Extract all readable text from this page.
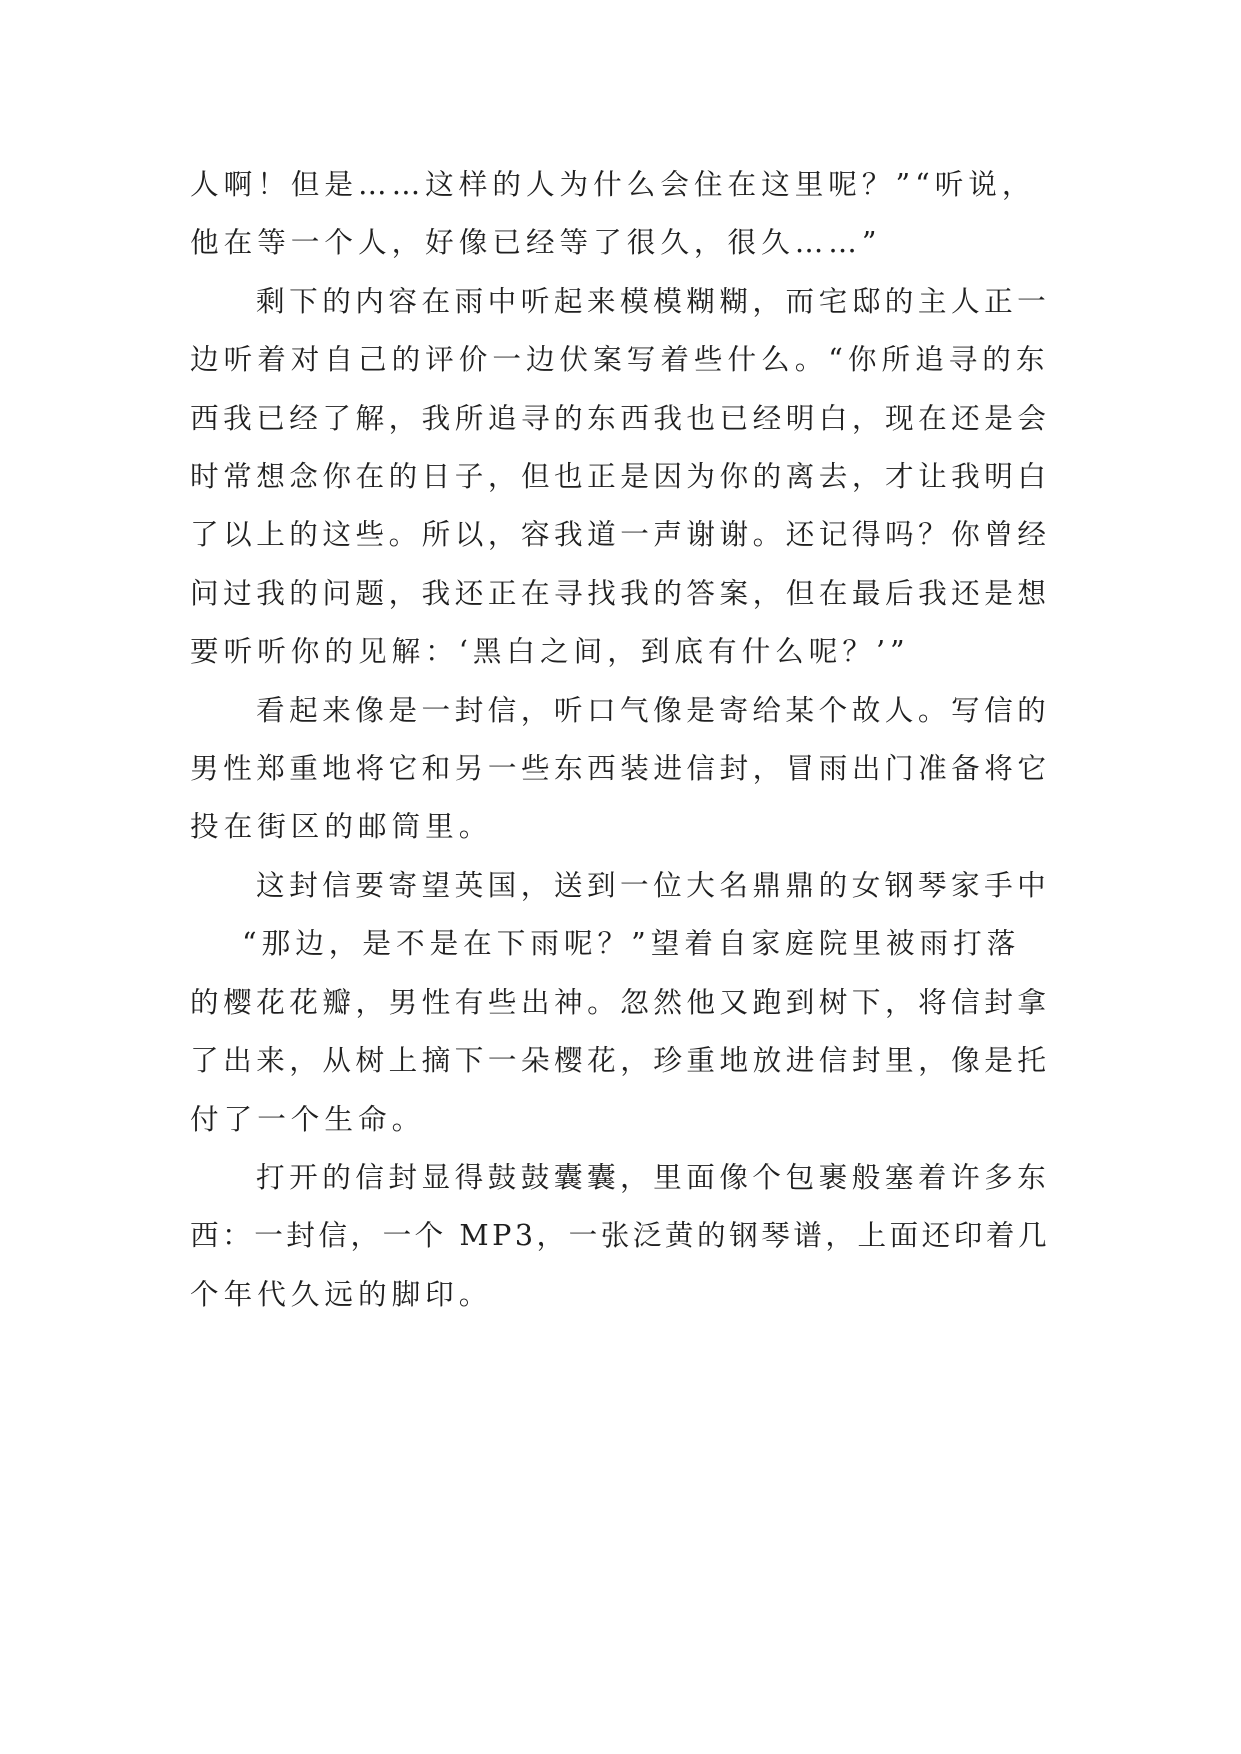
人啊！但是……这样的人为什么会住在这里呢？”“听说，
他在等一个人，好像已经等了很久，很久……”

剩下的内容在雨中听起来模模糊糊，而宅邸的主人正一
边听着对自己的评价一边伏案写着些什么。“你所追寻的东
西我已经了解，我所追寻的东西我也已经明白，现在还是会
时常想念你在的日子，但也正是因为你的离去，才让我明白
了以上的这些。所以，容我道一声谢谢。还记得吗？你曾经
问过我的问题，我还正在寻找我的答案，但在最后我还是想
要听听你的见解：‘黑白之间，到底有什么呢？’”

看起来像是一封信，听口气像是寄给某个故人。写信的
男性郑重地将它和另一些东西装进信封，冒雨出门准备将它
投在街区的邮筒里。

这封信要寄望英国，送到一位大名鼎鼎的女钢琴家手中

“那边，是不是在下雨呢？”望着自家庭院里被雨打落
的樱花花瓣，男性有些出神。忽然他又跑到树下，将信封拿
了出来，从树上摘下一朵樱花，珍重地放进信封里，像是托
付了一个生命。

打开的信封显得鼓鼓囊囊，里面像个包裹般塞着许多东
西：一封信，一个 MP3，一张泛黄的钢琴谱，上面还印着几
个年代久远的脚印。
